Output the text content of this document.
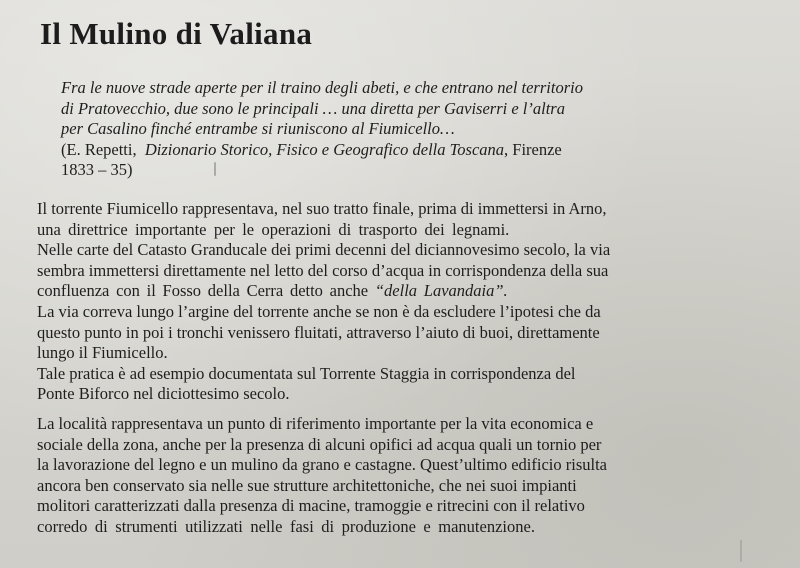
Il Mulino di Valiana
Fra le nuove strade aperte per il traino degli abeti, e che entrano nel territorio
di Pratovecchio, due sono le principali … una diretta per Gaviserri e l’altra
per Casalino finché entrambe si riuniscono al Fiumicello…
(E. Repetti, Dizionario Storico, Fisico e Geografico della Toscana, Firenze
1833 – 35)
Il torrente Fiumicello rappresentava, nel suo tratto finale, prima di immettersi in Arno,
una direttrice importante per le operazioni di trasporto dei legnami.
Nelle carte del Catasto Granducale dei primi decenni del diciannovesimo secolo, la via
sembra immettersi direttamente nel letto del corso d’acqua in corrispondenza della sua
confluenza con il Fosso della Cerra detto anche “della Lavandaia”.
La via correva lungo l’argine del torrente anche se non è da escludere l’ipotesi che da
questo punto in poi i tronchi venissero fluitati, attraverso l’aiuto di buoi, direttamente
lungo il Fiumicello.
Tale pratica è ad esempio documentata sul Torrente Staggia in corrispondenza del
Ponte Biforco nel diciottesimo secolo.
La località rappresentava un punto di riferimento importante per la vita economica e
sociale della zona, anche per la presenza di alcuni opifici ad acqua quali un tornio per
la lavorazione del legno e un mulino da grano e castagne. Quest’ultimo edificio risulta
ancora ben conservato sia nelle sue strutture architettoniche, che nei suoi impianti
molitori caratterizzati dalla presenza di macine, tramoggie e ritrecini con il relativo
corredo di strumenti utilizzati nelle fasi di produzione e manutenzione.
